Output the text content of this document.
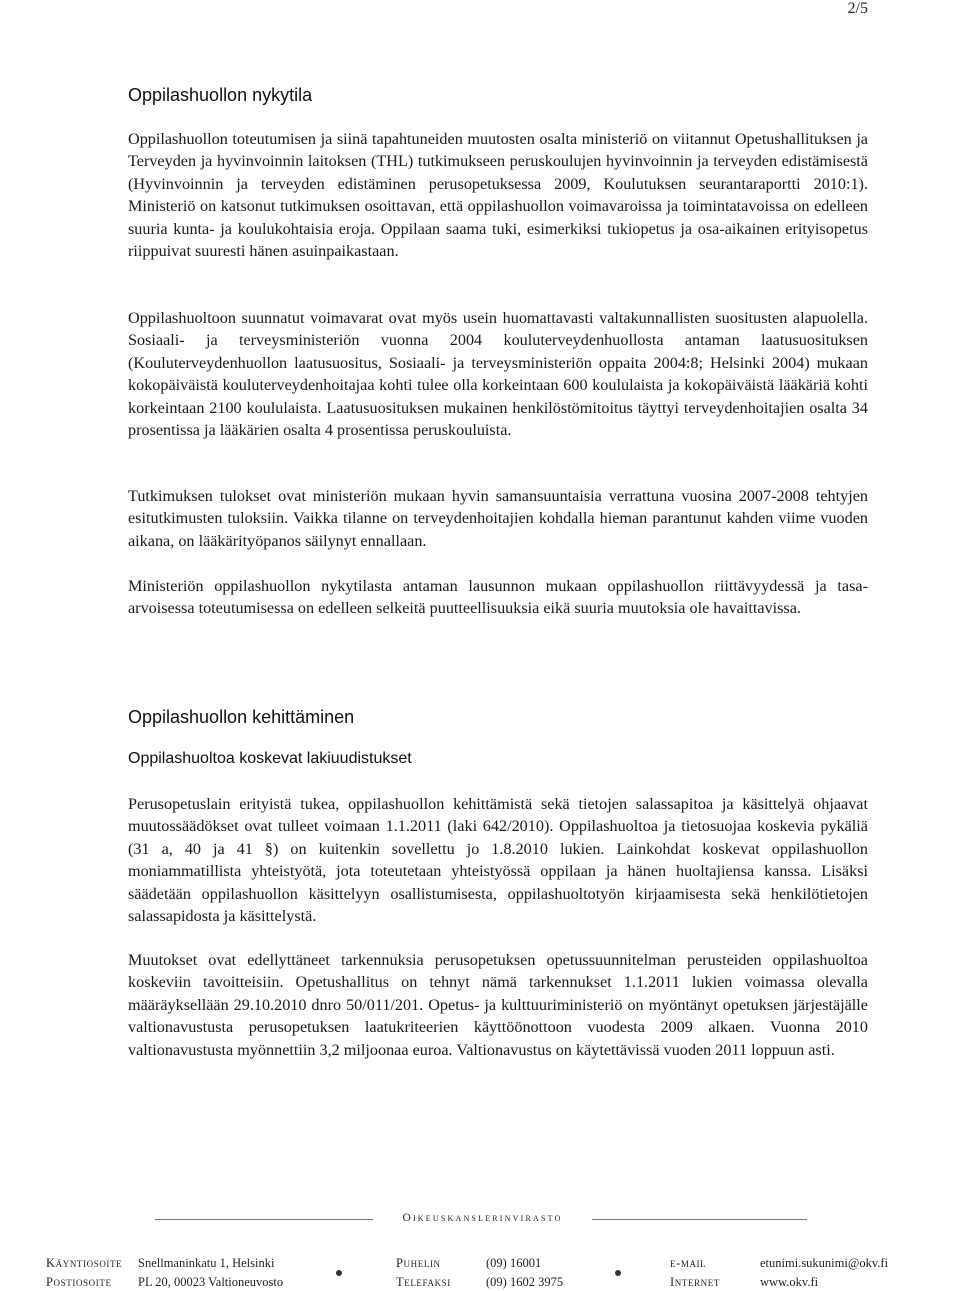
2/5
Oppilashuollon nykytila

Oppilashuollon toteutumisen ja siinä tapahtuneiden muutosten osalta ministeriö on viitannut Opetushallituksen ja Terveyden ja hyvinvoinnin laitoksen (THL) tutkimukseen peruskoulujen hyvinvoinnin ja terveyden edistämisestä (Hyvinvoinnin ja terveyden edistäminen perusopetuksessa 2009, Koulutuksen seurantaraportti 2010:1). Ministeriö on katsonut tutkimuksen osoittavan, että oppilashuollon voimavaroissa ja toimintatavoissa on edelleen suuria kunta- ja koulukohtaisia eroja. Oppilaan saama tuki, esimerkiksi tukiopetus ja osa-aikainen erityisopetus riippuivat suuresti hänen asuinpaikastaan.

Oppilashuoltoon suunnatut voimavarat ovat myös usein huomattavasti valtakunnallisten suositusten alapuolella. Sosiaali- ja terveysministeriön vuonna 2004 kouluterveydenhuollosta antaman laatusuosituksen (Kouluterveydenhuollon laatusuositus, Sosiaali- ja terveysministeriön oppaita 2004:8; Helsinki 2004) mukaan kokopäiväistä kouluterveydenhoitajaa kohti tulee olla korkeintaan 600 koululaista ja kokopäiväistä lääkäriä kohti korkeintaan 2100 koululaista. Laatusuosituksen mukainen henkilöstömitoitus täyttyi terveydenhoitajien osalta 34 prosentissa ja lääkärien osalta 4 prosentissa peruskouluista.

Tutkimuksen tulokset ovat ministeriön mukaan hyvin samansuuntaisia verrattuna vuosina 2007-2008 tehtyjen esitutkimusten tuloksiin. Vaikka tilanne on terveydenhoitajien kohdalla hieman parantunut kahden viime vuoden aikana, on lääkärityöpanos säilynyt ennallaan.

Ministeriön oppilashuollon nykytilasta antaman lausunnon mukaan oppilashuollon riittävyydessä ja tasa-arvoisessa toteutumisessa on edelleen selkeitä puutteellisuuksia eikä suuria muutoksia ole havaittavissa.

Oppilashuollon kehittäminen
Oppilashuoltoa koskevat lakiuudistukset

Perusopetuslain erityistä tukea, oppilashuollon kehittämistä sekä tietojen salassapitoa ja käsittelyä ohjaavat muutossäädökset ovat tulleet voimaan 1.1.2011 (laki 642/2010). Oppilashuoltoa ja tietosuojaa koskevia pykäliä (31 a, 40 ja 41 §) on kuitenkin sovellettu jo 1.8.2010 lukien. Lainkohdat koskevat oppilashuollon moniammatillista yhteistyötä, jota toteutetaan yhteistyössä oppilaan ja hänen huoltajiensa kanssa. Lisäksi säädetään oppilashuollon käsittelyyn osallistumisesta, oppilashuoltotyön kirjaamisesta sekä henkilötietojen salassapidosta ja käsittelystä.

Muutokset ovat edellyttäneet tarkennuksia perusopetuksen opetussuunnitelman perusteiden oppilashuoltoa koskeviin tavoitteisiin. Opetushallitus on tehnyt nämä tarkennukset 1.1.2011 lukien voimassa olevalla määräyksellään 29.10.2010 dnro 50/011/201. Opetus- ja kulttuuriministeriö on myöntänyt opetuksen järjestäjälle valtionavustusta perusopetuksen laatukriteerien käyttöönottoon vuodesta 2009 alkaen. Vuonna 2010 valtionavustusta myönnettiin 3,2 miljoonaa euroa. Valtionavustus on käytettävissä vuoden 2011 loppuun asti.

Oikeuskanslerinvirasto
Käyntiosoite Snellmaninkatu 1, Helsinki
Postiosoite PL 20, 00023 Valtioneuvosto
Puhelin	(09) 16001
Telefaksi	(09) 1602 3975
e-mail	etunimi.sukunimi@okv.fi
Internet	www.okv.fi
